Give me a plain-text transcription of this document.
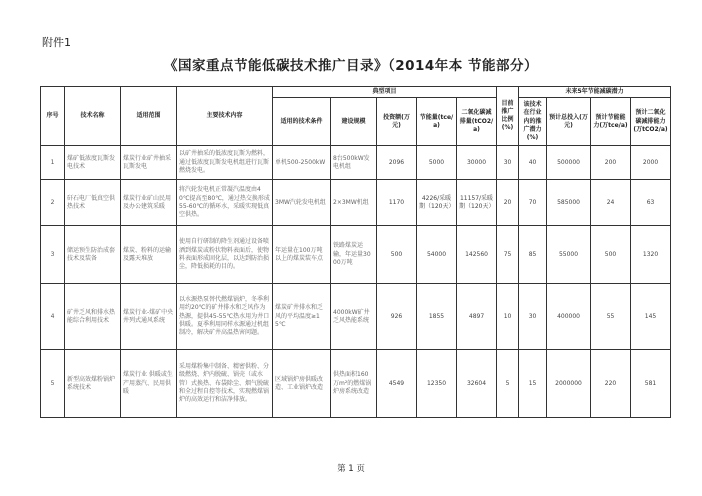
附件1
《国家重点节能低碳技术推广目录》（2014年本 节能部分）
序号	技术名称	适用范围	主要技术内容	典型项目					目前推广比例(%)	未来5年节能减碳潜力			
				适用的技术条件	建设规模	投资额(万元)	节能量(tce/a)	二氧化碳减排量(tCO2/a)		该技术在行业内的推广潜力(%)	预计总投入(万元)	预计节能能力(万tce/a)	预计二氧化碳减排能力(万tCO2/a)
1	煤矿低浓度瓦斯发电技术	煤炭行业矿井抽采瓦斯发电	以矿井抽采的低浓度瓦斯为燃料，通过低浓度瓦斯发电机组进行瓦斯燃烧发电。	单机500-2500kW	8台500kW发电机组	2096	5000	30000	30	40	500000	200	2000
2	矸石电厂低真空供热技术	煤炭行业矿山民用及办公建筑采暖	将汽轮发电机正常凝汽温度由40℃提高至80℃，通过热交换形成55-60℃的循环水，采暖实现低真空供热。	3MW汽轮发电机组	2×3MW机组	1170	4226/采暖期（120天）	11157/采暖期（120天）	20	70	585000	24	63
3	储运预生防治成套技术及装备	煤炭、粉料的运输及露天堆放	使用自行研制的降生剂通过设备喷洒到煤炭或粉状物料表面后，使物料表面形成固化层，以达到防治损尘，降低损耗的目的。	年运量在100万吨以上的煤炭装车点	铁路煤炭运输，年运量3000万吨	500	54000	142560	75	85	55000	500	1320
4	矿井乏风和排水热能综合利用技术	煤炭行业-煤矿中央井列式通风系统	以水源热泵替代燃煤锅炉，冬季利用约20℃的矿井排水和乏风作为热源，提供45-55℃热水用为井口供暖。夏季利用同样水源通过机组制冷，解决矿井高温热害问题。	煤炭矿井排水和乏风的平均温度≥15℃	4000kW矿井乏风热能系统	926	1855	4897	10	30	400000	55	145
5	新型高效煤粉锅炉系统技术	煤炭行业 供暖或生产用蒸汽、民用供暖	采用煤粉集中制备、精密供粉、分级燃烧、炉内脱硫、锅壳（或水管）式换热、布袋除尘、烟气脱硫和全过程自控等技术，实现燃煤锅炉的高效运行和洁净排放。	区域锅炉房供暖改造、工业锅炉改造	供热面积160万m²的燃煤锅炉房系统改造	4549	12350	32604	5	15	2000000	220	581
第 1 页
